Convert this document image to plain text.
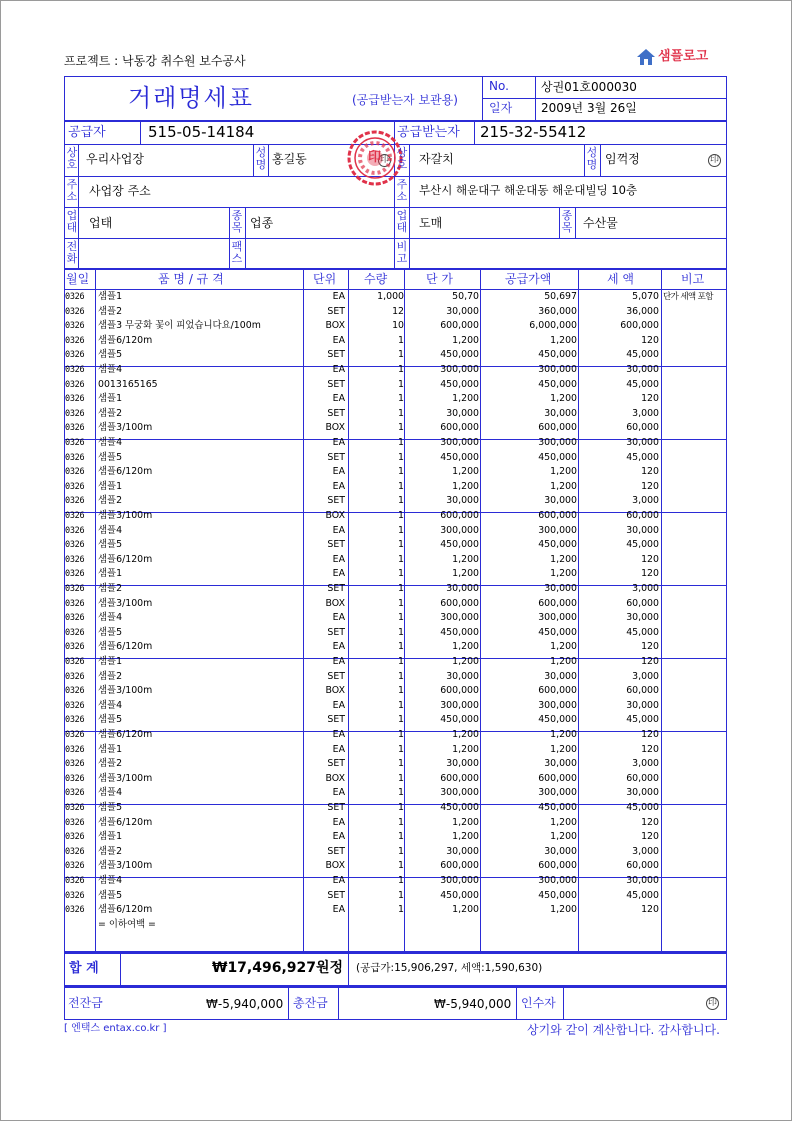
프로젝트 : 낙동강 취수원 보수공사	샘플로고
거래명세표	(공급받는자 보관용)
No.	상권01호000030
일자 2009년 3월 26일
공급자	515-05-14184
상호 우리사업장	성명 홍길동	印
주소 사업장 주소
업태 업태
종목 업종
전화
팩스
印
공급받는자 215-32-55412
상호 자갈치	성명 임꺽정	印
주소 부산시 해운대구 해운대동 해운대빌딩 10층
업태 도매
종목 수산물
비고
월일	품 명 / 규 격	단위 수량	단 가	공급가액	세 액	비고
0326	샘플1	EA	1,000	50,70	50,697	5,070 단가 세액 포함
0326	샘플2	SET	12	30,000	360,000	36,000
0326	샘플3 무궁화 꽃이 피었습니다요/100m	BOX	10	600,000	6,000,000	600,000
0326	샘플6/120m	EA	1	1,200	1,200	120
0326	샘플5	SET	1	450,000	450,000	45,000
0326	샘플4	EA	1	300,000	300,000	30,000
0326	0013165165	SET	1	450,000	450,000	45,000
0326	샘플1	EA	1	1,200	1,200	120
0326	샘플2	SET	1	30,000	30,000	3,000
0326	샘플3/100m	BOX	1	600,000	600,000	60,000
0326	샘플4	EA	1	300,000	300,000	30,000
0326	샘플5	SET	1	450,000	450,000	45,000
0326	샘플6/120m	EA	1	1,200	1,200	120
0326	샘플1	EA	1	1,200	1,200	120
0326	샘플2	SET	1	30,000	30,000	3,000
0326	샘플3/100m	BOX	1	600,000	600,000	60,000
0326	샘플4	EA	1	300,000	300,000	30,000
0326	샘플5	SET	1	450,000	450,000	45,000
0326	샘플6/120m	EA	1	1,200	1,200	120
0326	샘플1	EA	1	1,200	1,200	120
0326	샘플2	SET	1	30,000	30,000	3,000
0326	샘플3/100m	BOX	1	600,000	600,000	60,000
0326	샘플4	EA	1	300,000	300,000	30,000
0326	샘플5	SET	1	450,000	450,000	45,000
0326	샘플6/120m	EA	1	1,200	1,200	120
0326	샘플1	EA	1	1,200	1,200	120
0326	샘플2	SET	1	30,000	30,000	3,000
0326	샘플3/100m	BOX	1	600,000	600,000	60,000
0326	샘플4	EA	1	300,000	300,000	30,000
0326	샘플5	SET	1	450,000	450,000	45,000
0326	샘플6/120m	EA	1	1,200	1,200	120
0326	샘플1	EA	1	1,200	1,200	120
0326	샘플2	SET	1	30,000	30,000	3,000
0326	샘플3/100m	BOX	1	600,000	600,000	60,000
0326	샘플4	EA	1	300,000	300,000	30,000
0326	샘플5	SET	1	450,000	450,000	45,000
0326	샘플6/120m	EA	1	1,200	1,200	120
0326	샘플1	EA	1	1,200	1,200	120
0326	샘플2	SET	1	30,000	30,000	3,000
0326	샘플3/100m	BOX	1	600,000	600,000	60,000
0326	샘플4	EA	1	300,000	300,000	30,000
0326	샘플5	SET	1	450,000	450,000	45,000
0326	샘플6/120m	EA	1	1,200	1,200	120
= 이하여백 =
합 계	₩17,496,927원정 (공급가:15,906,297, 세액:1,590,630)
전잔금	₩-5,940,000 총잔금	₩-5,940,000 인수자	印
[ 엔택스 entax.co.kr ]	상기와 같이 계산합니다. 감사합니다.
